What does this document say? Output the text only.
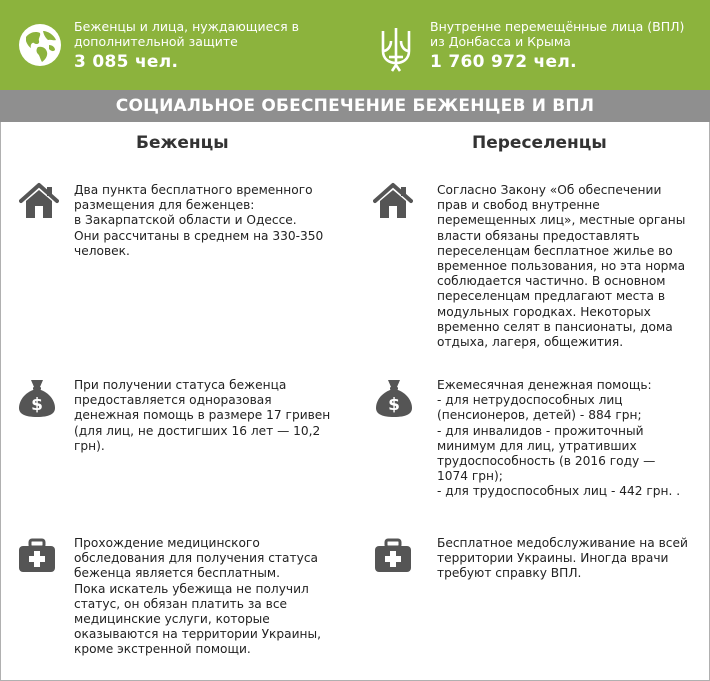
Беженцы и лица, нуждающиеся в
дополнительной защите
3 085 чел.
Внутренне перемещённые лица (ВПЛ)
из Донбасса и Крыма
1 760 972 чел.
СОЦИАЛЬНОЕ ОБЕСПЕЧЕНИЕ БЕЖЕНЦЕВ И ВПЛ
Беженцы	Переселенцы
Два пункта бесплатного временного
размещения для беженцев:
в Закарпатской области и Одессе.
Они рассчитаны в среднем на 330-350
человек.
Согласно Закону «Об обеспечении
прав и свобод внутренне
перемещенных лиц», местные органы
власти обязаны предоставлять
переселенцам бесплатное жилье во
временное пользования, но эта норма
соблюдается частично. В основном
переселенцам предлагают места в
модульных городках. Некоторых
временно селят в пансионаты, дома
отдыха, лагеря, общежития.
$
При получении статуса беженца
предоставляется одноразовая
денежная помощь в размере 17 гривен
(для лиц, не достигших 16 лет — 10,2
грн).
$
Ежемесячная денежная помощь:
- для нетрудоспособных лиц
(пенсионеров, детей) - 884 грн;
- для инвалидов - прожиточный
минимум для лиц, утративших
трудоспособность (в 2016 году —
1074 грн);
- для трудоспособных лиц - 442 грн. .
Прохождение медицинского
обследования для получения статуса
беженца является бесплатным.
Пока искатель убежища не получил
статус, он обязан платить за все
медицинские услуги, которые
оказываются на территории Украины,
кроме экстренной помощи.
Бесплатное медобслуживание на всей
территории Украины. Иногда врачи
требуют справку ВПЛ.
